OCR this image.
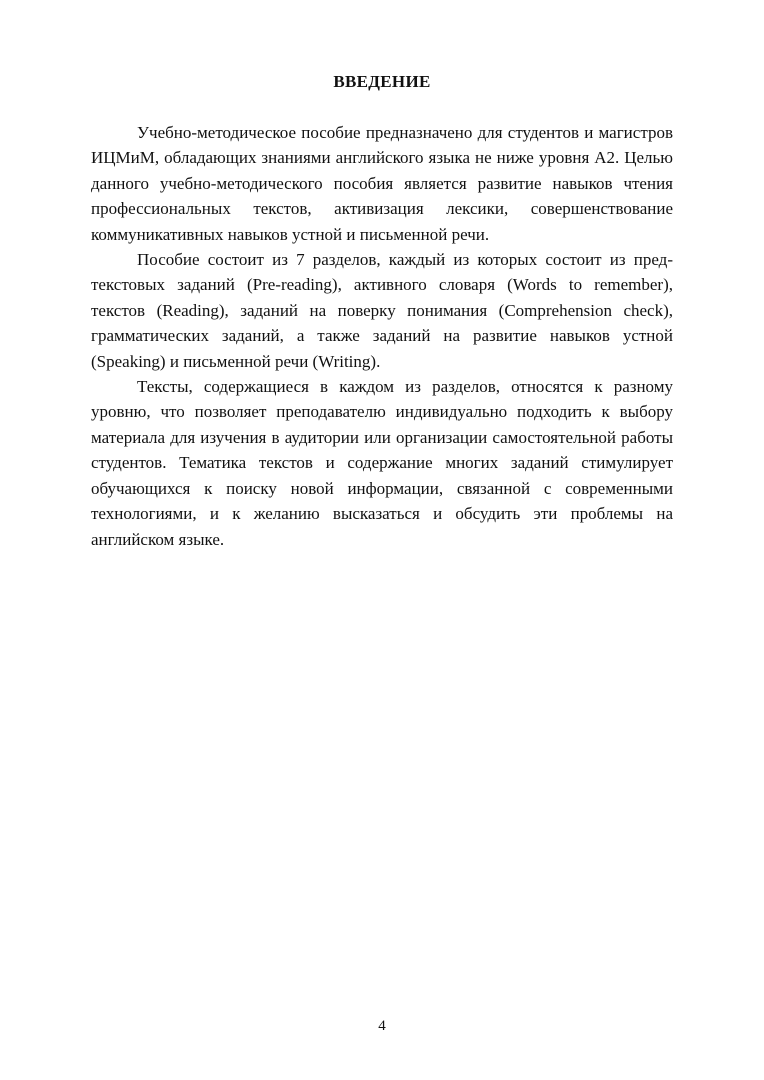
ВВЕДЕНИЕ

Учебно-методическое пособие предназначено для студентов и магистров ИЦМиМ, обладающих знаниями английского языка не ниже уровня А2. Целью данного учебно-методического пособия является развитие навыков чтения профессиональных текстов, активизация лексики, совершенствование коммуникативных навыков устной и письменной речи.

Пособие состоит из 7 разделов, каждый из которых состоит из предтекстовых заданий (Pre-reading), активного словаря (Words to remember), текстов (Reading), заданий на поверку понимания (Comprehension check), грамматических заданий, а также заданий на развитие навыков устной (Speaking) и письменной речи (Writing).

Тексты, содержащиеся в каждом из разделов, относятся к разному уровню, что позволяет преподавателю индивидуально подходить к выбору материала для изучения в аудитории или организации самостоятельной работы студентов. Тематика текстов и содержание многих заданий стимулирует обучающихся к поиску новой информации, связанной с современными технологиями, и к желанию высказаться и обсудить эти проблемы на английском языке.

4
